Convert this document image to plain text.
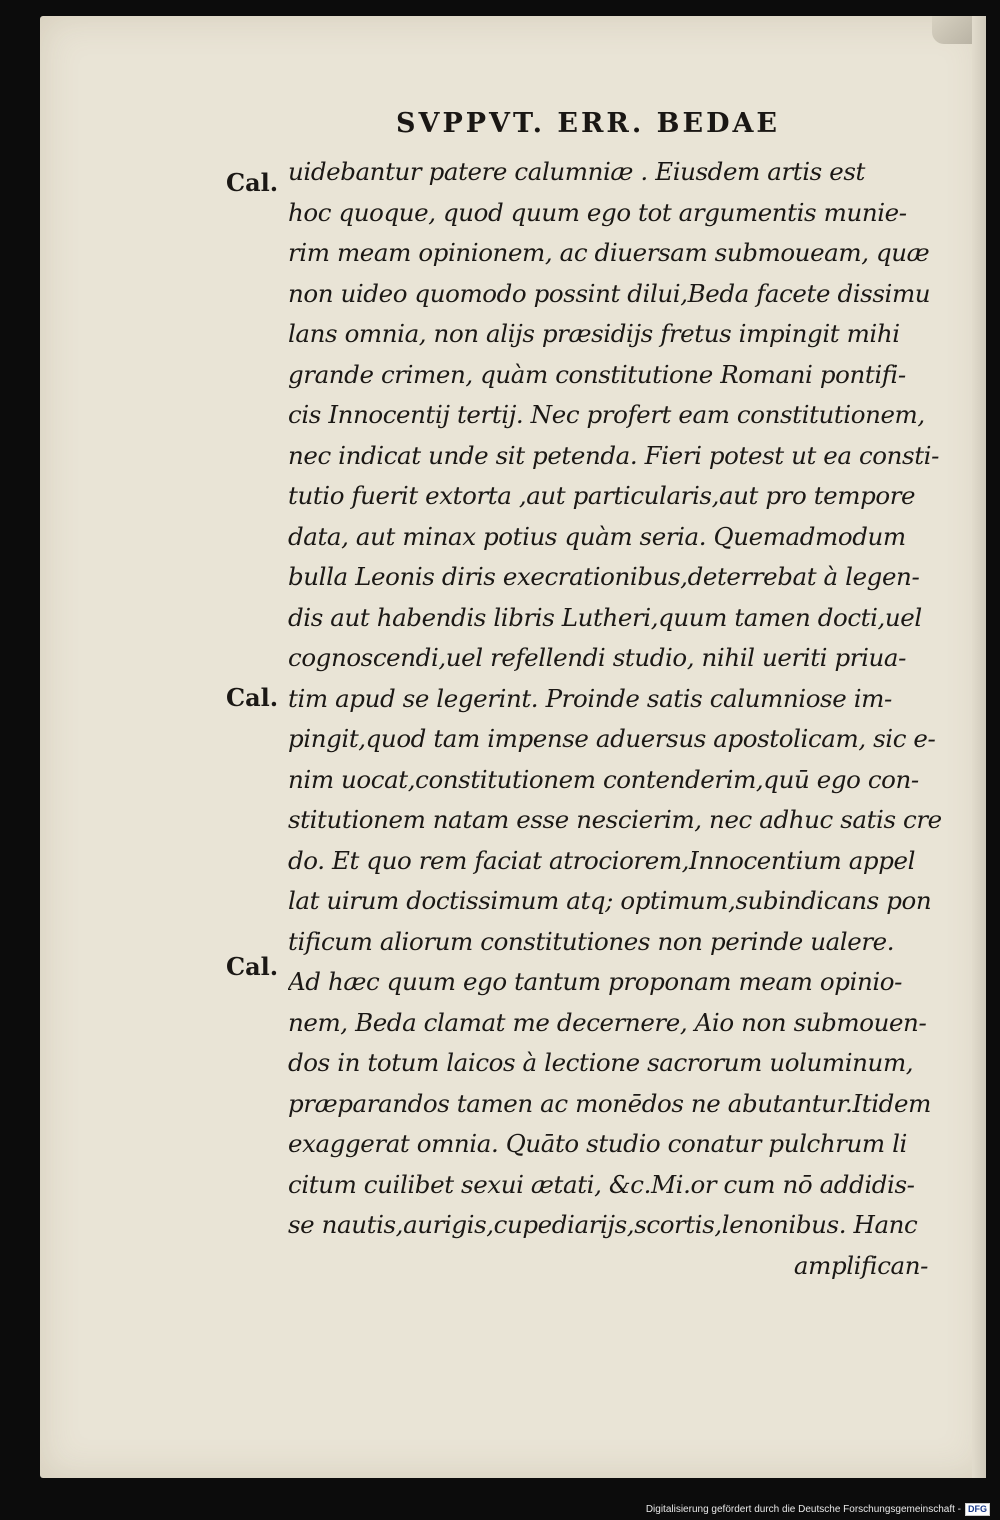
SVPPVT. ERR. BEDAE
Cal.
Cal.
Cal.
uidebantur patere calumniæ . Eiusdem artis est
hoc quoque, quod quum ego tot argumentis munie-
rim meam opinionem, ac diuersam submoueam, quæ
non uideo quomodo possint dilui,Beda facete dissimu
lans omnia, non alijs præsidijs fretus impingit mihi
grande crimen, quàm constitutione Romani pontifi-
cis Innocentij tertij. Nec profert eam constitutionem,
nec indicat unde sit petenda. Fieri potest ut ea consti-
tutio fuerit extorta ,aut particularis,aut pro tempore
data, aut minax potius quàm seria. Quemadmodum
bulla Leonis diris execrationibus,deterrebat à legen-
dis aut habendis libris Lutheri,quum tamen docti,uel
cognoscendi,uel refellendi studio, nihil ueriti priua-
tim apud se legerint. Proinde satis calumniose im-
pingit,quod tam impense aduersus apostolicam, sic e-
nim uocat,constitutionem contenderim,quū ego con-
stitutionem natam esse nescierim, nec adhuc satis cre
do. Et quo rem faciat atrociorem,Innocentium appel
lat uirum doctissimum atq; optimum,subindicans pon
tificum aliorum constitutiones non perinde ualere.
Ad hæc quum ego tantum proponam meam opinio-
nem, Beda clamat me decernere, Aio non submouen-
dos in totum laicos à lectione sacrorum uoluminum,
præparandos tamen ac monēdos ne abutantur.Itidem
exaggerat omnia. Quāto studio conatur pulchrum li
citum cuilibet sexui ætati, &c.Mi.or cum nō addidis-
se nautis,aurigis,cupediarijs,scortis,lenonibus. Hanc
amplifican-
Digitalisierung gefördert durch die Deutsche Forschungsgemeinschaft - DFG
